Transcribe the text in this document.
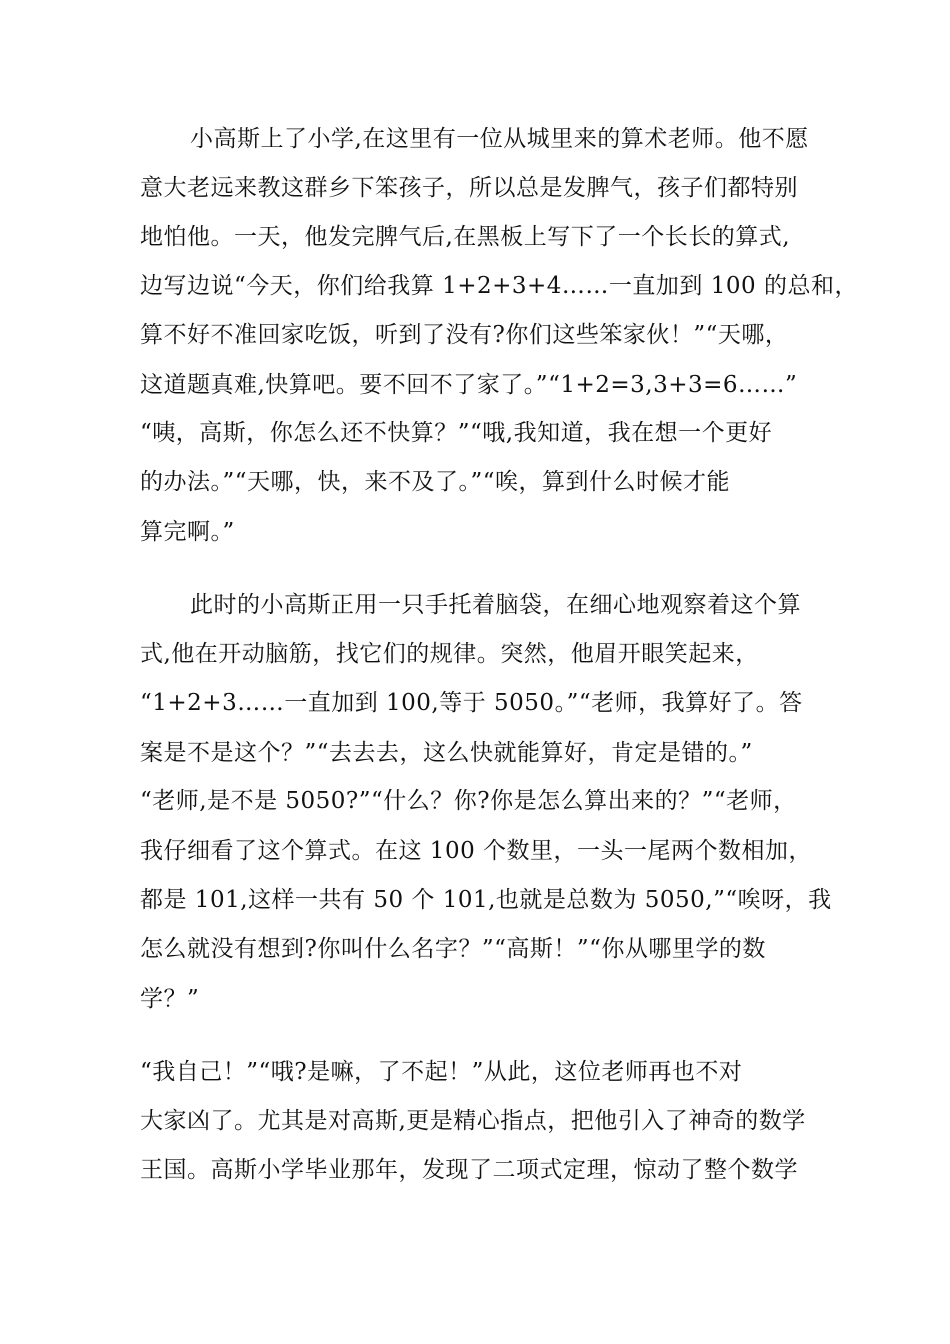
小高斯上了小学,在这里有一位从城里来的算术老师。他不愿
意大老远来教这群乡下笨孩子，所以总是发脾气，孩子们都特别
地怕他。一天，他发完脾气后,在黑板上写下了一个长长的算式,
边写边说“今天，你们给我算 1+2+3+4……一直加到 100 的总和，
算不好不准回家吃饭，听到了没有?你们这些笨家伙！”“天哪，
这道题真难,快算吧。要不回不了家了。”“1+2=3,3+3=6……”
“咦，高斯，你怎么还不快算？”“哦,我知道，我在想一个更好
的办法。”“天哪，快，来不及了。”“唉，算到什么时候才能
算完啊。”
此时的小高斯正用一只手托着脑袋，在细心地观察着这个算
式,他在开动脑筋，找它们的规律。突然，他眉开眼笑起来，
“1+2+3……一直加到 100,等于 5050。”“老师，我算好了。答
案是不是这个？”“去去去，这么快就能算好，肯定是错的。”
“老师,是不是 5050?”“什么？你?你是怎么算出来的？”“老师，
我仔细看了这个算式。在这 100 个数里，一头一尾两个数相加，
都是 101,这样一共有 50 个 101,也就是总数为 5050,”“唉呀，我
怎么就没有想到?你叫什么名字？”“高斯！”“你从哪里学的数
学？”
“我自己！”“哦?是嘛，了不起！”从此，这位老师再也不对
大家凶了。尤其是对高斯,更是精心指点，把他引入了神奇的数学
王国。高斯小学毕业那年，发现了二项式定理，惊动了整个数学
